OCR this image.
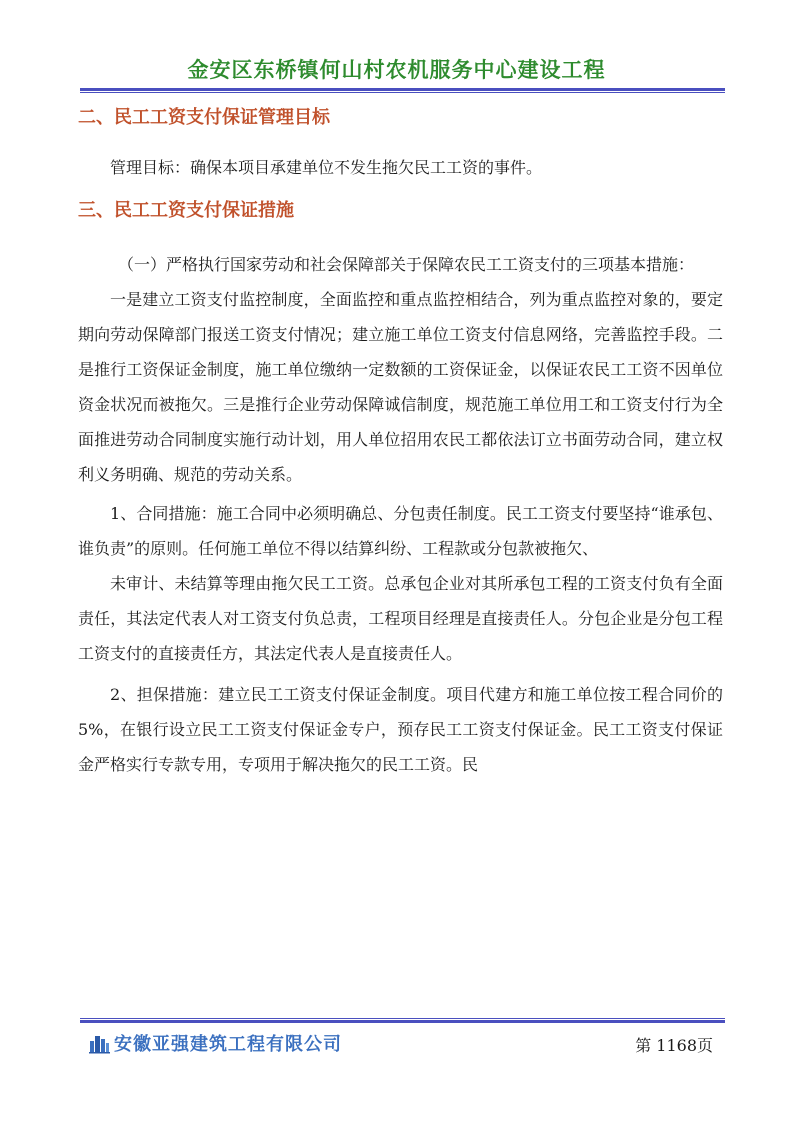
金安区东桥镇何山村农机服务中心建设工程
二、民工工资支付保证管理目标

管理目标：确保本项目承建单位不发生拖欠民工工资的事件。

三、民工工资支付保证措施

（一）严格执行国家劳动和社会保障部关于保障农民工工资支付的三项基本措施：

一是建立工资支付监控制度，全面监控和重点监控相结合，列为重点监控对象的，要定期向劳动保障部门报送工资支付情况；建立施工单位工资支付信息网络，完善监控手段。二是推行工资保证金制度，施工单位缴纳一定数额的工资保证金，以保证农民工工资不因单位资金状况而被拖欠。三是推行企业劳动保障诚信制度，规范施工单位用工和工资支付行为全面推进劳动合同制度实施行动计划，用人单位招用农民工都依法订立书面劳动合同，建立权利义务明确、规范的劳动关系。

1、合同措施：施工合同中必须明确总、分包责任制度。民工工资支付要坚持“谁承包、谁负责”的原则。任何施工单位不得以结算纠纷、工程款或分包款被拖欠、

未审计、未结算等理由拖欠民工工资。总承包企业对其所承包工程的工资支付负有全面责任，其法定代表人对工资支付负总责，工程项目经理是直接责任人。分包企业是分包工程工资支付的直接责任方，其法定代表人是直接责任人。

2、担保措施：建立民工工资支付保证金制度。项目代建方和施工单位按工程合同价的 5%，在银行设立民工工资支付保证金专户，预存民工工资支付保证金。民工工资支付保证金严格实行专款专用，专项用于解决拖欠的民工工资。民

安徽亚强建筑工程有限公司	第 1168页
